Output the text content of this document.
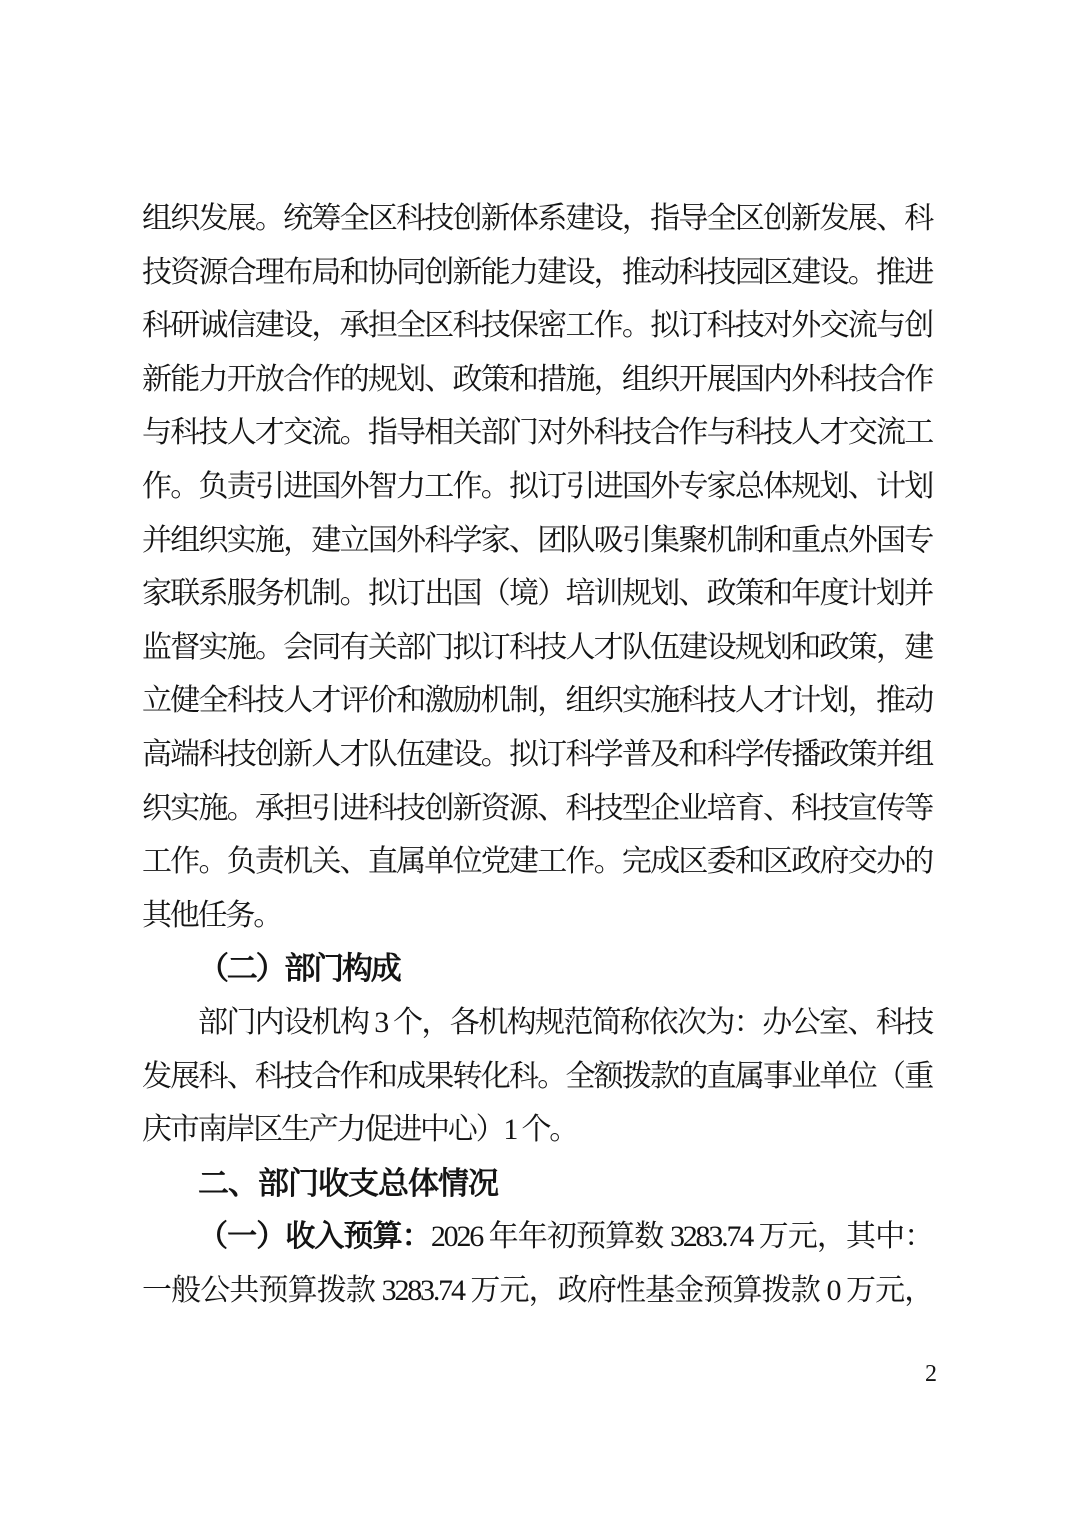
组织发展。统筹全区科技创新体系建设，指导全区创新发展、科
技资源合理布局和协同创新能力建设，推动科技园区建设。推进
科研诚信建设，承担全区科技保密工作。拟订科技对外交流与创
新能力开放合作的规划、政策和措施，组织开展国内外科技合作
与科技人才交流。指导相关部门对外科技合作与科技人才交流工
作。负责引进国外智力工作。拟订引进国外专家总体规划、计划
并组织实施，建立国外科学家、团队吸引集聚机制和重点外国专
家联系服务机制。拟订出国（境）培训规划、政策和年度计划并
监督实施。会同有关部门拟订科技人才队伍建设规划和政策，建
立健全科技人才评价和激励机制，组织实施科技人才计划，推动
高端科技创新人才队伍建设。拟订科学普及和科学传播政策并组
织实施。承担引进科技创新资源、科技型企业培育、科技宣传等
工作。负责机关、直属单位党建工作。完成区委和区政府交办的
其他任务。
（二）部门构成
部门内设机构 3 个，各机构规范简称依次为：办公室、科技
发展科、科技合作和成果转化科。全额拨款的直属事业单位（重
庆市南岸区生产力促进中心）1 个。
二、部门收支总体情况
（一）收入预算：2026 年年初预算数 3283.74 万元，其中：
一般公共预算拨款 3283.74 万元，政府性基金预算拨款 0 万元，
2
